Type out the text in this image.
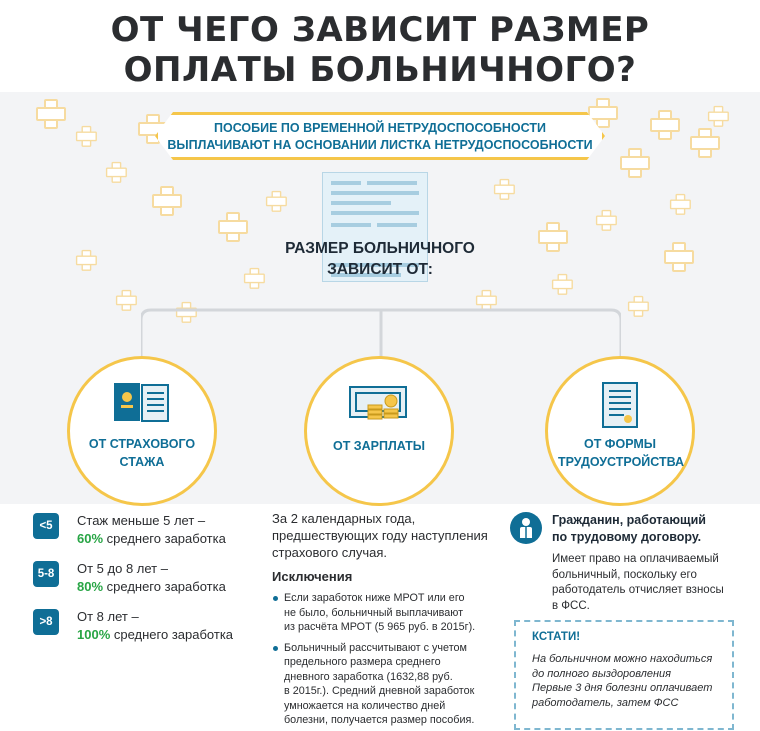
ОТ ЧЕГО ЗАВИСИТ РАЗМЕР
ОПЛАТЫ БОЛЬНИЧНОГО?
ПОСОБИЕ ПО ВРЕМЕННОЙ НЕТРУДОСПОСОБНОСТИ
ВЫПЛАЧИВАЮТ НА ОСНОВАНИИ ЛИСТКА НЕТРУДОСПОСОБНОСТИ
РАЗМЕР БОЛЬНИЧНОГО
ЗАВИСИТ ОТ:
ОТ СТРАХОВОГО
СТАЖА
ОТ ЗАРПЛАТЫ	ОТ ФОРМЫ
ТРУДОУСТРОЙСТВА
<5	Стаж меньше 5 лет –
60% среднего заработка
5-8	От 5 до 8 лет –
80% среднего заработка
>8	От 8 лет –
100% среднего заработка
За 2 календарных года,
предшествующих году наступления
страхового случая.
Исключения
Если заработок ниже МРОТ или его
не было, больничный выплачивают
из расчёта МРОТ (5 965 руб. в 2015г).
Больничный рассчитывают с учетом
предельного размера среднего
дневного заработка (1632,88 руб.
в 2015г.). Средний дневной заработок
умножается на количество дней
болезни, получается размер пособия.
Гражданин, работающий
по трудовому договору.
Имеет право на оплачиваемый
больничный, поскольку его
работодатель отчисляет взносы
в ФСС.
КСТАТИ!
На больничном можно находиться
до полного выздоровления
Первые 3 дня болезни оплачивает
работодатель, затем ФСС
